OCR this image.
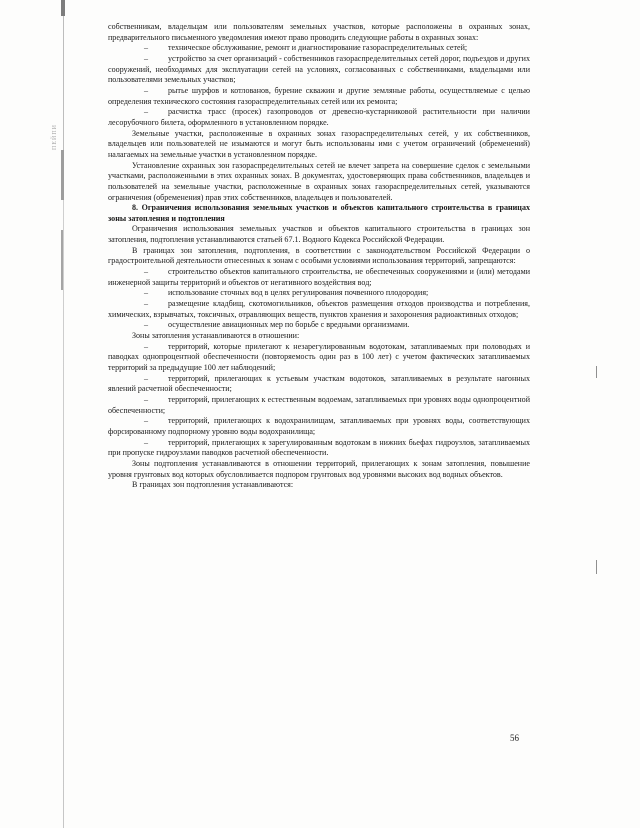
ПЕЙПИ

собственникам, владельцам или пользователям земельных участков, которые расположены в охранных зонах, предварительного письменного уведомления имеют право проводить следующие работы в охранных зонах:

– техническое обслуживание, ремонт и диагностирование газораспределительных сетей;

– устройство за счет организаций - собственников газораспределительных сетей дорог, подъездов и других сооружений, необходимых для эксплуатации сетей на условиях, согласованных с собственниками, владельцами или пользователями земельных участков;

– рытье шурфов и котлованов, бурение скважин и другие земляные работы, осуществляемые с целью определения технического состояния газораспределительных сетей или их ремонта;

– расчистка трасс (просек) газопроводов от древесно-кустарниковой растительности при наличии лесорубочного билета, оформленного в установленном порядке.

Земельные участки, расположенные в охранных зонах газораспределительных сетей, у их собственников, владельцев или пользователей не изымаются и могут быть использованы ими с учетом ограничений (обременений) налагаемых на земельные участки в установленном порядке.

Установление охранных зон газораспределительных сетей не влечет запрета на совершение сделок с земельными участками, расположенными в этих охранных зонах. В документах, удостоверяющих права собственников, владельцев и пользователей на земельные участки, расположенные в охранных зонах газораспределительных сетей, указываются ограничения (обременения) прав этих собственников, владельцев и пользователей.

8. Ограничения использования земельных участков и объектов капитального строительства в границах зоны затопления и подтопления

Ограничения использования земельных участков и объектов капитального строительства в границах зон затопления, подтопления устанавливаются статьей 67.1. Водного Кодекса Российской Федерации.

В границах зон затопления, подтопления, в соответствии с законодательством Российской Федерации о градостроительной деятельности отнесенных к зонам с особыми условиями использования территорий, запрещаются:

– строительство объектов капитального строительства, не обеспеченных сооружениями и (или) методами инженерной защиты территорий и объектов от негативного воздействия вод;

– использование сточных вод в целях регулирования почвенного плодородия;

– размещение кладбищ, скотомогильников, объектов размещения отходов производства и потребления, химических, взрывчатых, токсичных, отравляющих веществ, пунктов хранения и захоронения радиоактивных отходов;

– осуществление авиационных мер по борьбе с вредными организмами.

Зоны затопления устанавливаются в отношении:

– территорий, которые прилегают к незарегулированным водотокам, затапливаемых при половодьях и паводках однопроцентной обеспеченности (повторяемость один раз в 100 лет) с учетом фактических затапливаемых территорий за предыдущие 100 лет наблюдений;

– территорий, прилегающих к устьевым участкам водотоков, затапливаемых в результате нагонных явлений расчетной обеспеченности;

– территорий, прилегающих к естественным водоемам, затапливаемых при уровнях воды однопроцентной обеспеченности;

– территорий, прилегающих к водохранилищам, затапливаемых при уровнях воды, соответствующих форсированному подпорному уровню воды водохранилища;

– территорий, прилегающих к зарегулированным водотокам в нижних бьефах гидроузлов, затапливаемых при пропуске гидроузлами паводков расчетной обеспеченности.

Зоны подтопления устанавливаются в отношении территорий, прилегающих к зонам затопления, повышение уровня грунтовых вод которых обусловливается подпором грунтовых вод уровнями высоких вод водных объектов.

В границах зон подтопления устанавливаются:

56
